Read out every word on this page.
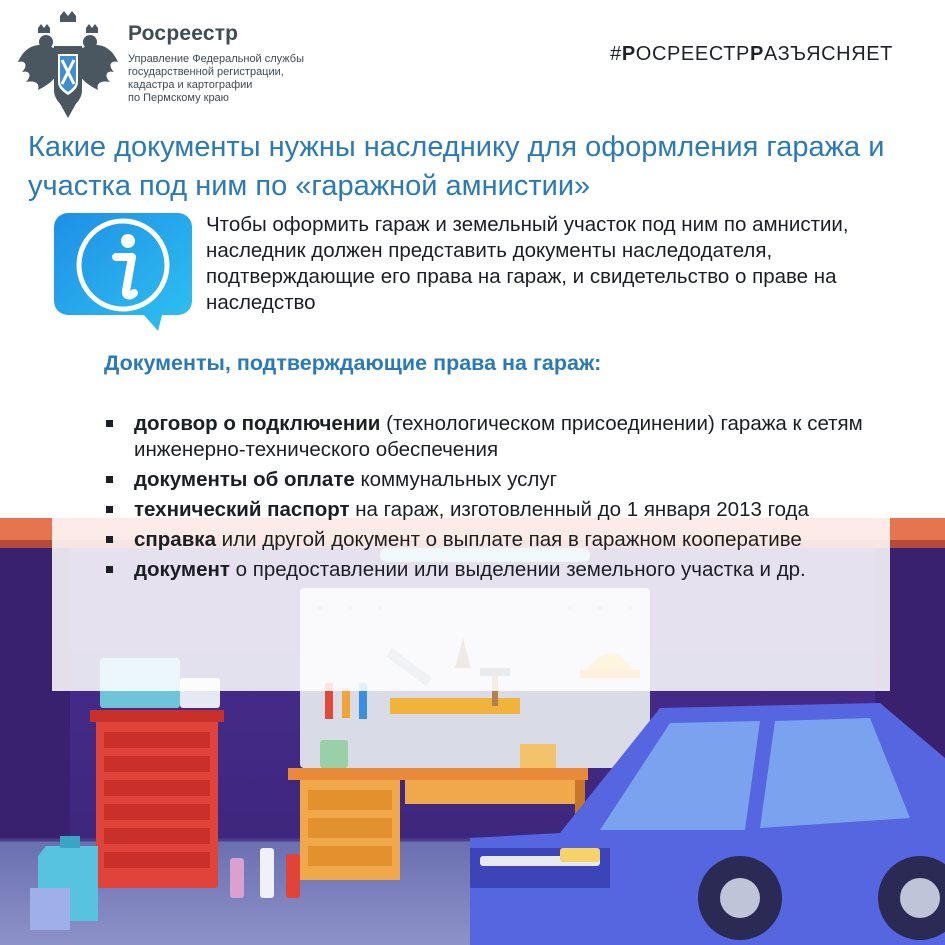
Росреестр
Управление Федеральной службы
государственной регистрации,
кадастра и картографии
по Пермскому краю
#РОСРЕЕСТРРАЗЪЯСНЯЕТ
Какие документы нужны наследнику для оформления гаража и участка под ним по «гаражной амнистии»
Чтобы оформить гараж и земельный участок под ним по амнистии, наследник должен представить документы наследодателя, подтверждающие его права на гараж, и свидетельство о праве на наследство
Документы, подтверждающие права на гараж:
договор о подключении (технологическом присоединении) гаража к сетям инженерно-технического обеспечения
документы об оплате коммунальных услуг
технический паспорт на гараж, изготовленный до 1 января 2013 года
справка или другой документ о выплате пая в гаражном кооперативе
документ о предоставлении или выделении земельного участка и др.
